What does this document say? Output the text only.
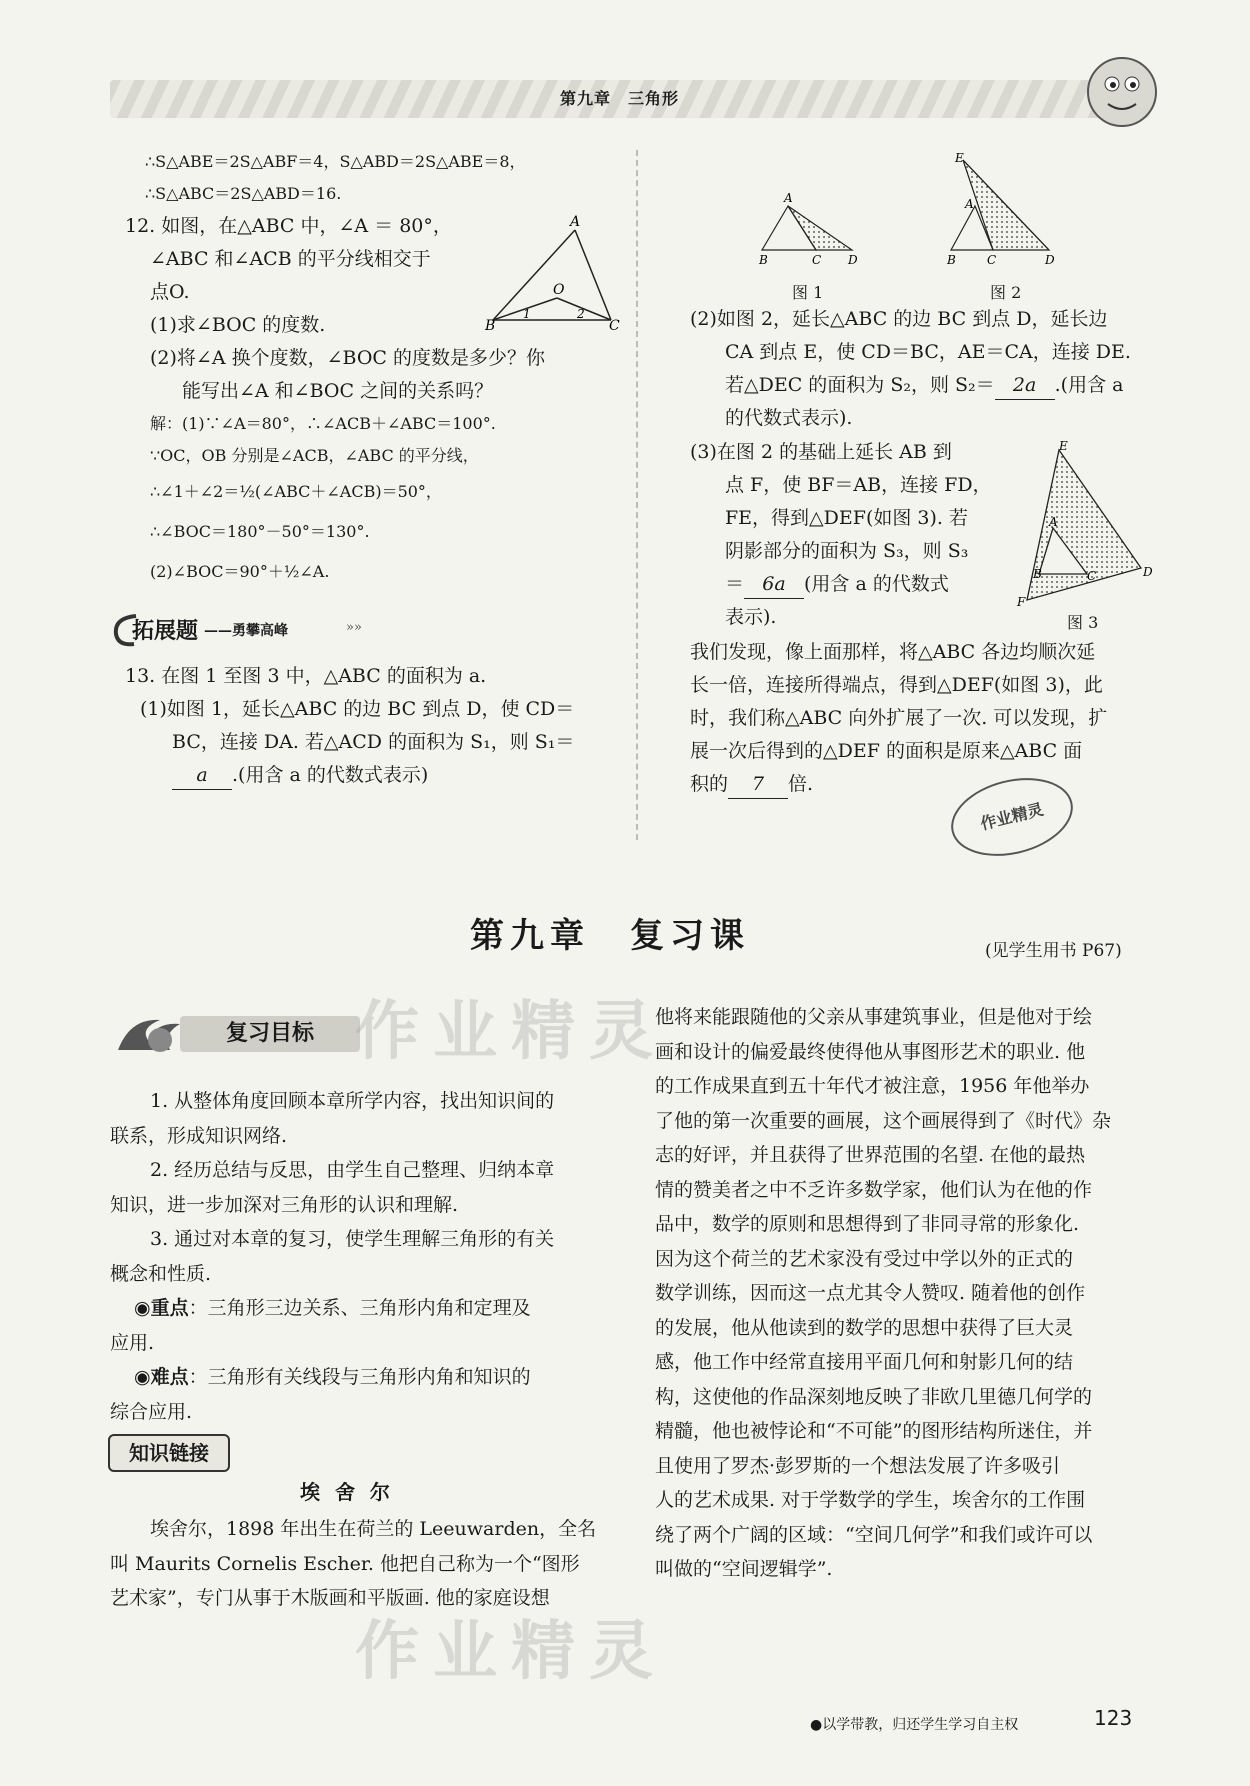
第九章　三角形
∴S△ABE＝2S△ABF＝4，S△ABD＝2S△ABE＝8，
∴S△ABC＝2S△ABD＝16.
12. 如图，在△ABC 中，∠A ＝ 80°，
∠ABC 和∠ACB 的平分线相交于
点O.
(1)求∠BOC 的度数.
(2)将∠A 换个度数，∠BOC 的度数是多少？你
能写出∠A 和∠BOC 之间的关系吗？
解：(1)∵∠A＝80°，∴∠ACB＋∠ABC＝100°.
∵OC，OB 分别是∠ACB，∠ABC 的平分线，
∴∠1＋∠2＝½(∠ABC＋∠ACB)＝50°，
∴∠BOC＝180°－50°＝130°.
(2)∠BOC＝90°＋½∠A.
A
B	C
O
1	2
拓展题 ——勇攀高峰	»»
13. 在图 1 至图 3 中，△ABC 的面积为 a.
(1)如图 1，延长△ABC 的边 BC 到点 D，使 CD＝
BC，连接 DA. 若△ACD 的面积为 S₁，则 S₁＝
a .(用含 a 的代数式表示)
A
B	C D
图 1
E
A
B	C	D
图 2
E
A
B	C	D
F
图 3
(2)如图 2，延长△ABC 的边 BC 到点 D，延长边
CA 到点 E，使 CD＝BC，AE＝CA，连接 DE.
若△DEC 的面积为 S₂，则 S₂＝ 2a .(用含 a
的代数式表示).
(3)在图 2 的基础上延长 AB 到
点 F，使 BF＝AB，连接 FD，
FE，得到△DEF(如图 3). 若
阴影部分的面积为 S₃，则 S₃
＝ 6a (用含 a 的代数式
表示).
我们发现，像上面那样，将△ABC 各边均顺次延
长一倍，连接所得端点，得到△DEF(如图 3)，此
时，我们称△ABC 向外扩展了一次. 可以发现，扩
展一次后得到的△DEF 的面积是原来△ABC 面
积的 7 倍.
作业精灵
第九章　复习课	(见学生用书 P67)
复习目标 作业精灵
作业精灵
1. 从整体角度回顾本章所学内容，找出知识间的
联系，形成知识网络.
2. 经历总结与反思，由学生自己整理、归纳本章
知识，进一步加深对三角形的认识和理解.
3. 通过对本章的复习，使学生理解三角形的有关
概念和性质.
◉重点：三角形三边关系、三角形内角和定理及
应用.
◉难点：三角形有关线段与三角形内角和知识的
综合应用.
知识链接
埃 舍 尔
埃舍尔，1898 年出生在荷兰的 Leeuwarden，全名
叫 Maurits Cornelis Escher. 他把自己称为一个“图形
艺术家”，专门从事于木版画和平版画. 他的家庭设想
他将来能跟随他的父亲从事建筑事业，但是他对于绘
画和设计的偏爱最终使得他从事图形艺术的职业. 他
的工作成果直到五十年代才被注意，1956 年他举办
了他的第一次重要的画展，这个画展得到了《时代》杂
志的好评，并且获得了世界范围的名望. 在他的最热
情的赞美者之中不乏许多数学家，他们认为在他的作
品中，数学的原则和思想得到了非同寻常的形象化.
因为这个荷兰的艺术家没有受过中学以外的正式的
数学训练，因而这一点尤其令人赞叹. 随着他的创作
的发展，他从他读到的数学的思想中获得了巨大灵
感，他工作中经常直接用平面几何和射影几何的结
构，这使他的作品深刻地反映了非欧几里德几何学的
精髓，他也被悖论和“不可能”的图形结构所迷住，并
且使用了罗杰·彭罗斯的一个想法发展了许多吸引
人的艺术成果. 对于学数学的学生，埃舍尔的工作围
绕了两个广阔的区域：“空间几何学”和我们或许可以
叫做的“空间逻辑学”.
●以学带教，归还学生学习自主权	123
